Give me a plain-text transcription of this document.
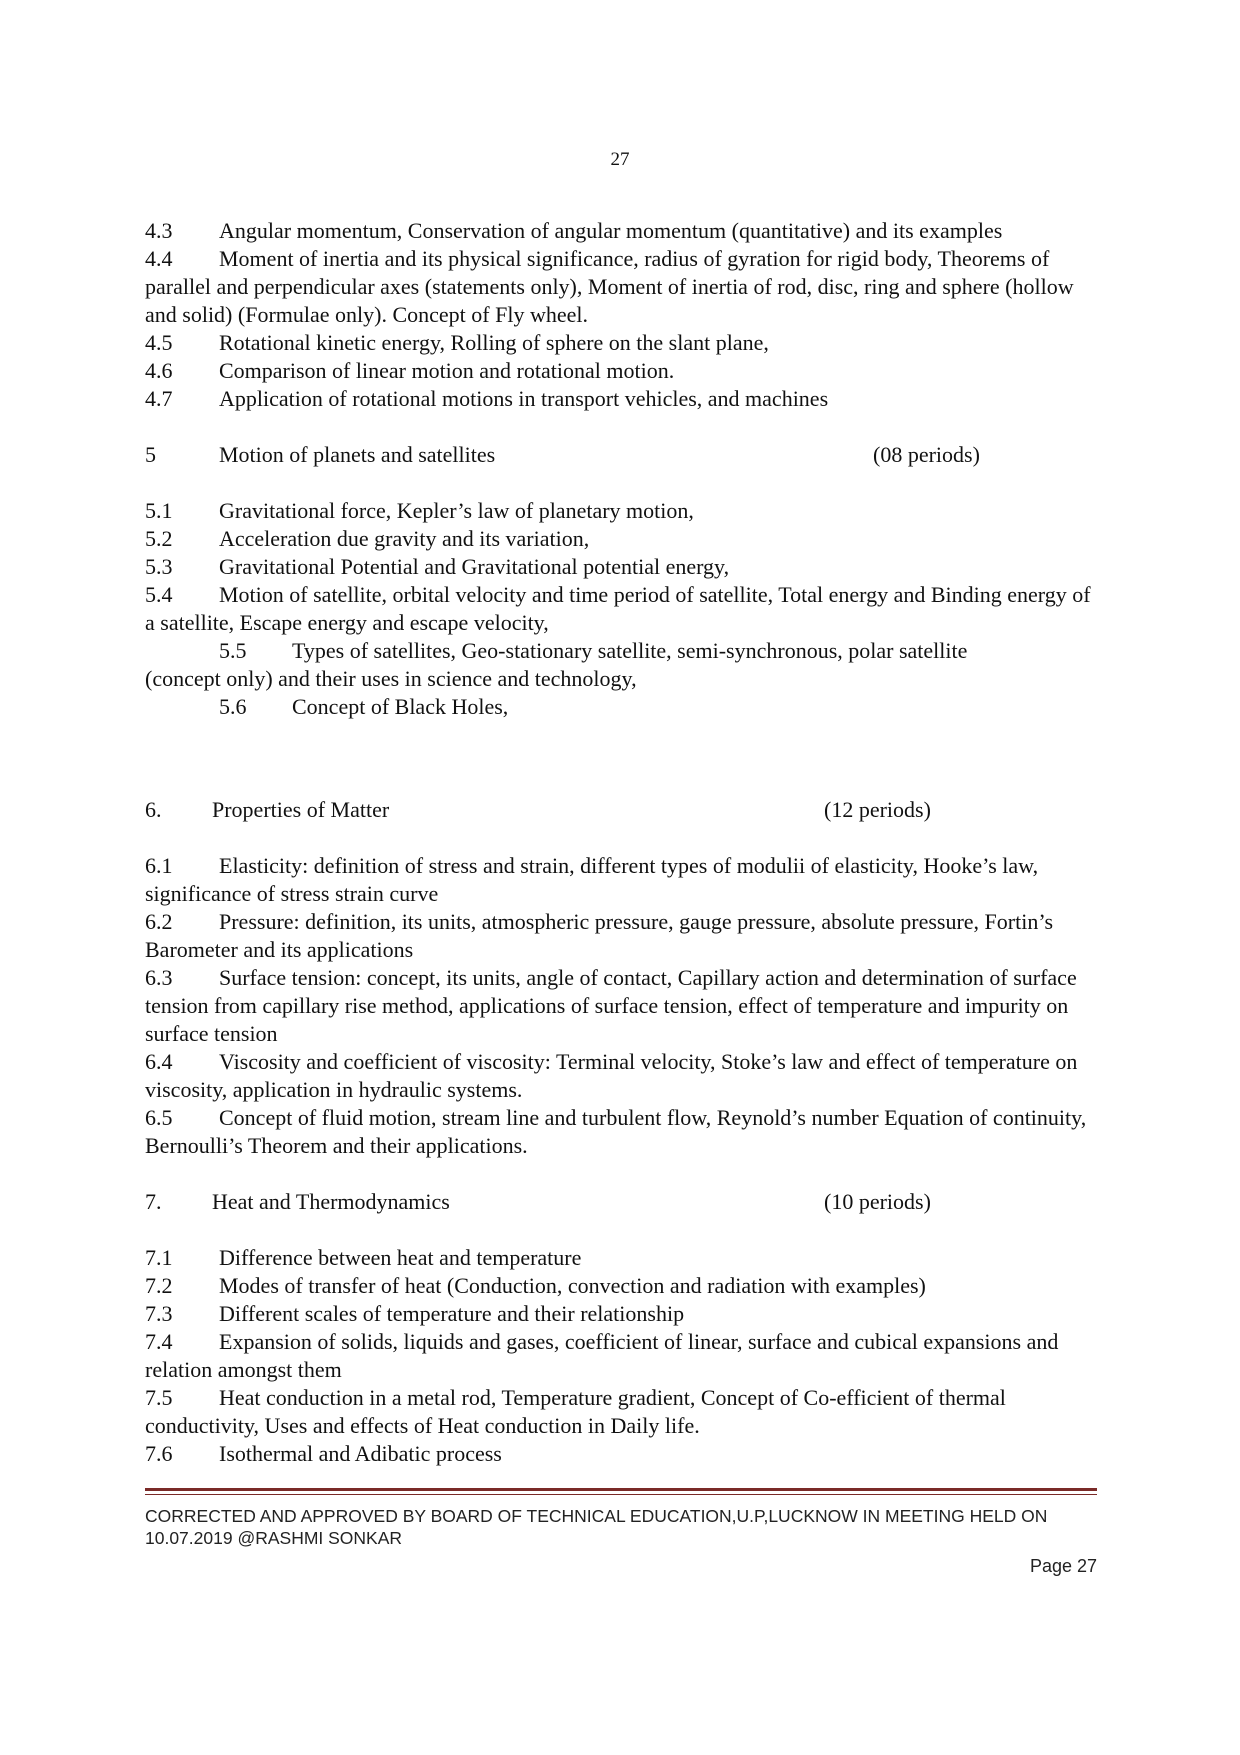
27

4.3 Angular momentum, Conservation of angular momentum (quantitative) and its examples

4.4 Moment of inertia and its physical significance, radius of gyration for rigid body, Theorems of parallel and perpendicular axes (statements only), Moment of inertia of rod, disc, ring and sphere (hollow and solid) (Formulae only). Concept of Fly wheel.

4.5 Rotational kinetic energy, Rolling of sphere on the slant plane,

4.6 Comparison of linear motion and rotational motion.

4.7 Application of rotational motions in transport vehicles, and machines

5	Motion of planets and satellites	(08 periods)

5.1 Gravitational force, Kepler’s law of planetary motion,

5.2 Acceleration due gravity and its variation,

5.3 Gravitational Potential and Gravitational potential energy,

5.4 Motion of satellite, orbital velocity and time period of satellite, Total energy and Binding energy of a satellite, Escape energy and escape velocity,

5.5 Types of satellites, Geo-stationary satellite, semi-synchronous, polar satellite

(concept only) and their uses in science and technology,

5.6 Concept of Black Holes,

6. Properties of Matter	(12 periods)

6.1 Elasticity: definition of stress and strain, different types of modulii of elasticity, Hooke’s law, significance of stress strain curve

6.2 Pressure: definition, its units, atmospheric pressure, gauge pressure, absolute pressure, Fortin’s Barometer and its applications

6.3 Surface tension: concept, its units, angle of contact, Capillary action and determination of surface tension from capillary rise method, applications of surface tension, effect of temperature and impurity on surface tension

6.4 Viscosity and coefficient of viscosity: Terminal velocity, Stoke’s law and effect of temperature on viscosity, application in hydraulic systems.

6.5 Concept of fluid motion, stream line and turbulent flow, Reynold’s number Equation of continuity, Bernoulli’s Theorem and their applications.

7. Heat and Thermodynamics	(10 periods)

7.1 Difference between heat and temperature

7.2 Modes of transfer of heat (Conduction, convection and radiation with examples)

7.3 Different scales of temperature and their relationship

7.4 Expansion of solids, liquids and gases, coefficient of linear, surface and cubical expansions and relation amongst them

7.5 Heat conduction in a metal rod, Temperature gradient, Concept of Co-efficient of thermal conductivity, Uses and effects of Heat conduction in Daily life.

7.6 Isothermal and Adibatic process

CORRECTED AND APPROVED BY BOARD OF TECHNICAL EDUCATION,U.P,LUCKNOW IN MEETING HELD ON
10.07.2019 @RASHMI SONKAR
Page 27
